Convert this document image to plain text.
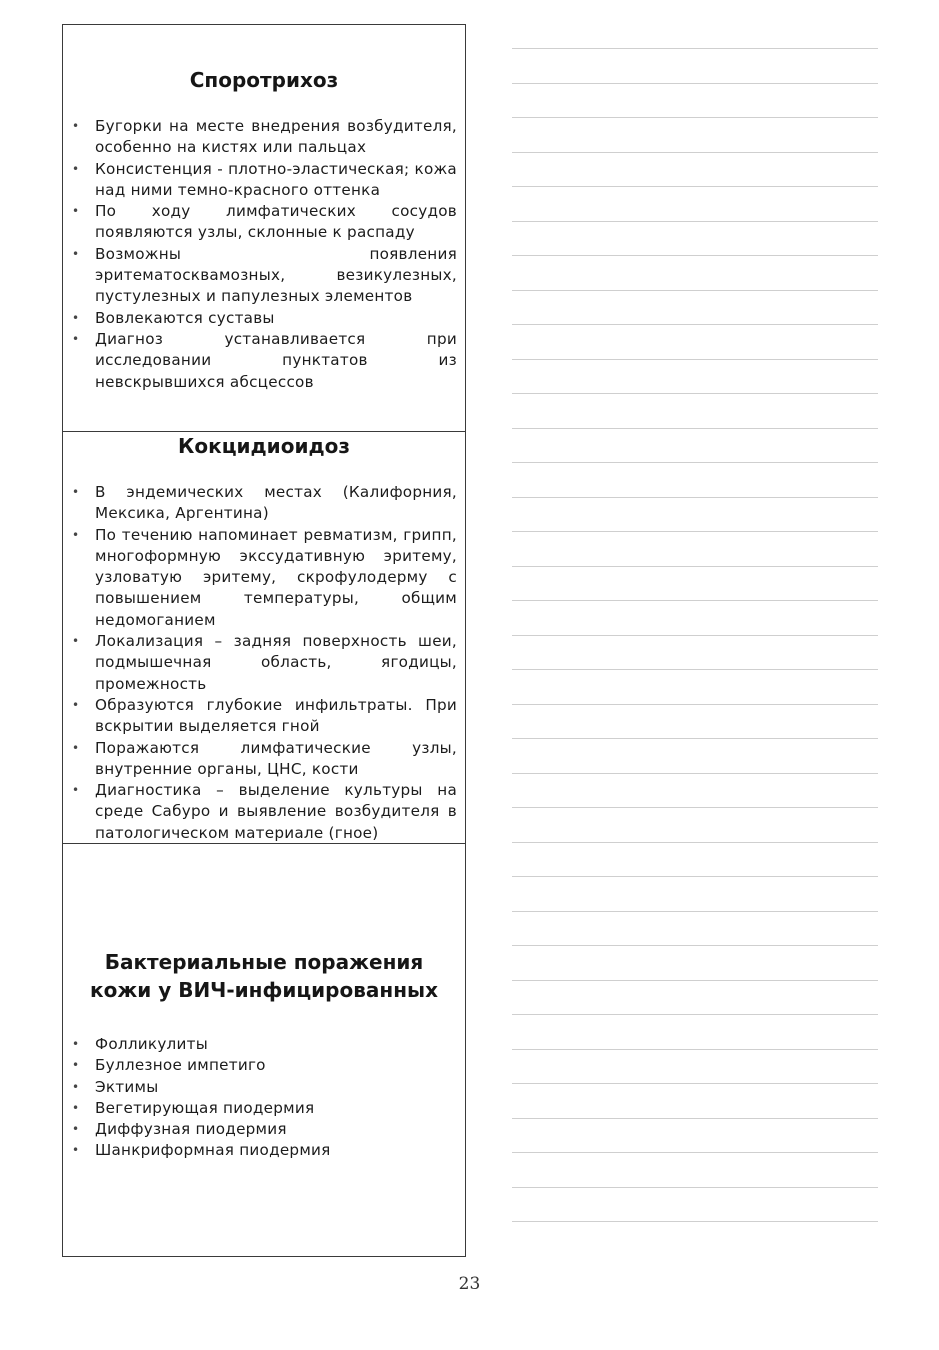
Споротрихоз
• Бугорки на месте внедрения возбудителя, особенно на кистях или пальцах
• Консистенция - плотно-эластическая; кожа над ними темно-красного оттенка
• По ходу лимфатических сосудов появляются узлы, склонные к распаду
• Возможны появления эритематосквамозных, везикулезных, пустулезных и папулезных элементов
• Вовлекаются суставы
• Диагноз устанавливается при исследовании пунктатов из невскрывшихся абсцессов
Кокцидиоидоз
• В эндемических местах (Калифорния, Мексика, Аргентина)
• По течению напоминает ревматизм, грипп, многоформную экссудативную эритему, узловатую эритему, скрофулодерму с повышением температуры, общим недомоганием
• Локализация – задняя поверхность шеи, подмышечная область, ягодицы, промежность
• Образуются глубокие инфильтраты. При вскрытии выделяется гной
• Поражаются лимфатические узлы, внутренние органы, ЦНС, кости
• Диагностика – выделение культуры на среде Сабуро и выявление возбудителя в патологическом материале (гное)
Бактериальные поражения кожи у ВИЧ-инфицированных
• Фолликулиты
• Буллезное импетиго
• Эктимы
• Вегетирующая пиодермия
• Диффузная пиодермия
• Шанкриформная пиодермия
23
